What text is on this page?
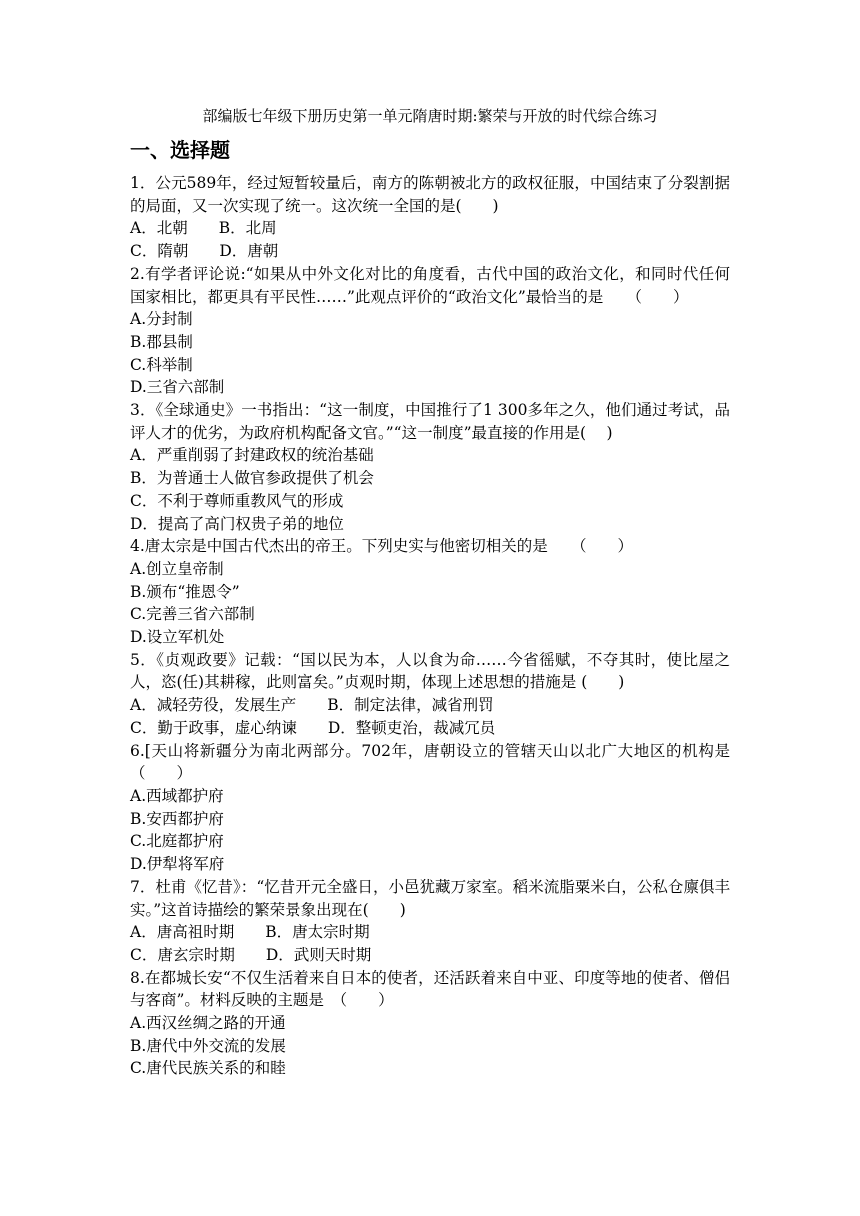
部编版七年级下册历史第一单元隋唐时期:繁荣与开放的时代综合练习
一、选择题

1．公元589年，经过短暂较量后，南方的陈朝被北方的政权征服，中国结束了分裂割据的局面，又一次实现了统一。这次统一全国的是(　　)

A．北朝　　B．北周

C．隋朝　　D．唐朝

2.有学者评论说:“如果从中外文化对比的角度看，古代中国的政治文化，和同时代任何国家相比，都更具有平民性……”此观点评价的“政治文化”最恰当的是　　（　　）

A.分封制

B.郡县制

C.科举制

D.三省六部制

3．《全球通史》一书指出：“这一制度，中国推行了1 300多年之久，他们通过考试，品评人才的优劣，为政府机构配备文官。”“这一制度”最直接的作用是(　 )

A．严重削弱了封建政权的统治基础

B．为普通士人做官参政提供了机会

C．不利于尊师重教风气的形成

D．提高了高门权贵子弟的地位

4.唐太宗是中国古代杰出的帝王。下列史实与他密切相关的是　　（　　）

A.创立皇帝制

B.颁布“推恩令”

C.完善三省六部制

D.设立军机处

5．《贞观政要》记载：“国以民为本，人以食为命……今省徭赋，不夺其时，使比屋之人，恣(任)其耕稼，此则富矣。”贞观时期，体现上述思想的措施是 (　　)

A．减轻劳役，发展生产　　B．制定法律，减省刑罚

C．勤于政事，虚心纳谏　　D．整顿吏治，裁减冗员

6.[天山将新疆分为南北两部分。702年，唐朝设立的管辖天山以北广大地区的机构是　　（　　）

A.西域都护府

B.安西都护府

C.北庭都护府

D.伊犁将军府

7．杜甫《忆昔》：“忆昔开元全盛日，小邑犹藏万家室。稻米流脂粟米白，公私仓廪俱丰实。”这首诗描绘的繁荣景象出现在(　　)

A．唐高祖时期　　B．唐太宗时期

C．唐玄宗时期　　D．武则天时期

8.在都城长安“不仅生活着来自日本的使者，还活跃着来自中亚、印度等地的使者、僧侣与客商”。材料反映的主题是　（　　）

A.西汉丝绸之路的开通

B.唐代中外交流的发展

C.唐代民族关系的和睦
